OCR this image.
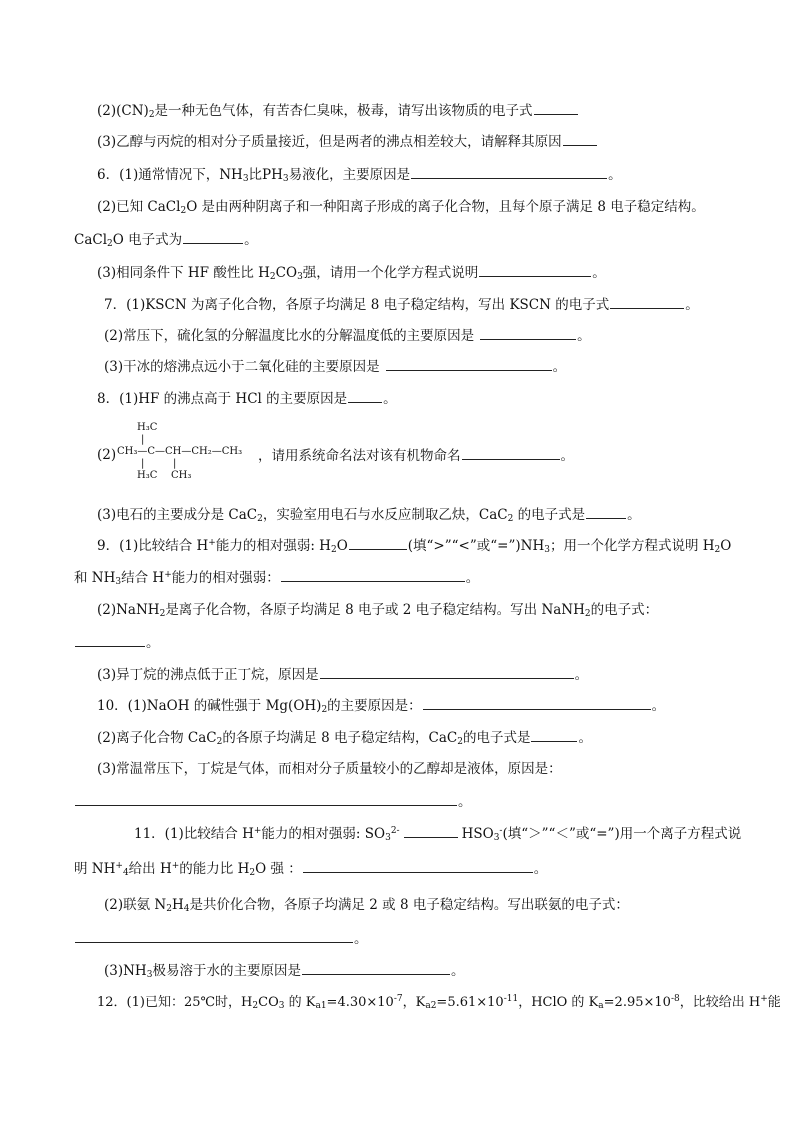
$(2)(CN)_2$是一种无色气体，有苦杏仁臭味，极毒，请写出该物质的电子式
(3)乙醇与丙烷的相对分子质量接近，但是两者的沸点相差较大，请解释其原因
6．(1)通常情况下，$NH_3$比$PH_3$易液化，主要原因是	。
(2)已知 CaCl$_2$O 是由两种阴离子和一种阳离子形成的离子化合物，且每个原子满足 8 电子稳定结构。
CaCl$_2$O 电子式为	。
(3)相同条件下 HF 酸性比 $H_2CO_3$强，请用一个化学方程式说明	。
7．(1)KSCN 为离子化合物，各原子均满足 8 电子稳定结构，写出 KSCN 的电子式	。
(2)常压下，硫化氢的分解温度比水的分解温度低的主要原因是	。
(3)干冰的熔沸点远小于二氧化硅的主要原因是	。
8．(1)HF 的沸点高于 HCl 的主要原因是	。
(2)
H₃C
|
CH₃—C—CH—CH₂—CH₃
|	|
H₃C CH₃
，请用系统命名法对该有机物命名	。
(3)电石的主要成分是 CaC$_2$，实验室用电石与水反应制取乙炔，CaC$_2$ 的电子式是	。
9．(1)比较结合 H+能力的相对强弱: $H_2O$	(填“>”“<”或“$=”)NH_3$；用一个化学方程式说明 $H_2O$
和 $NH_3$结合 H+能力的相对强弱：	。
(2)NaNH$_2$是离子化合物，各原子均满足 8 电子或 2 电子稳定结构。写出 NaNH$_2$的电子式：
。
(3)异丁烷的沸点低于正丁烷，原因是	。
10．(1)NaOH 的碱性强于 $Mg(OH)_2$的主要原因是：	。
(2)离子化合物 CaC$_2$的各原子均满足 8 电子稳定结构，CaC$_2$的电子式是	。
(3)常温常压下，丁烷是气体，而相对分子质量较小的乙醇却是液体，原因是：
。
11．(1)比较结合 H+能力的相对强弱: $SO_3^{2-}$	$HSO_3^-$(填“＞”“＜”或“=”)用一个离子方程式说
明 $NH^+_4$给出 H+的能力比 $H_2O$ 强 ：	。
(2)联氨 $N_2H_4$是共价化合物，各原子均满足 2 或 8 电子稳定结构。写出联氨的电子式：
。
$(3)NH_3$极易溶于水的主要原因是	。
12．(1)已知：25℃时，$H_2CO_3$ 的 $K_{a1}=4.30\times 10^{-7}$，$K_{a2}=5.61\times 10^{-11}$，HClO 的 $K_a=2.95\times 10^{-8}$，比较给出 H+能
